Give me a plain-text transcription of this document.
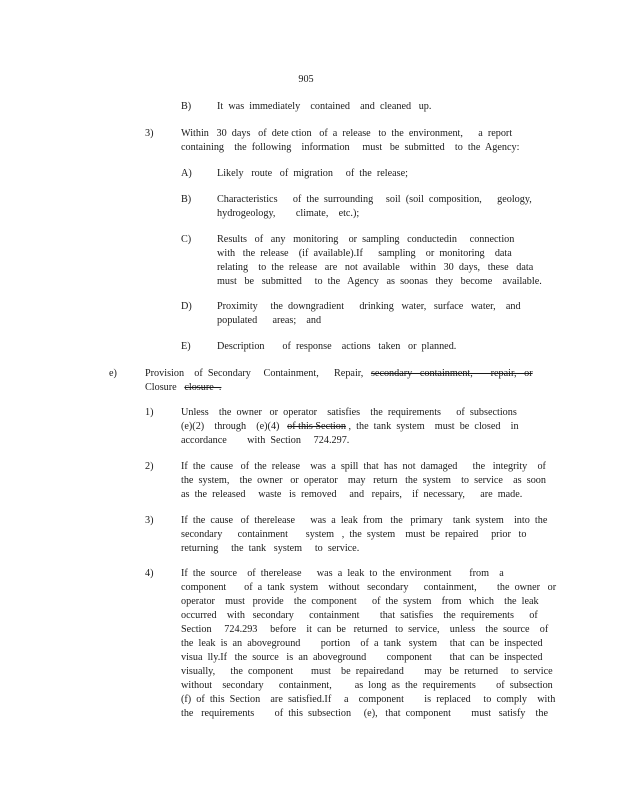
905
B)	It  was  immediately    contained    and  cleaned   up.
3)	Within   30  days   of  dete ction   of  a  release   to  the  environment,      a  report
containing    the  following    information     must   be  submitted    to  the  Agency:
A) Likely   route   of  migration     of  the  release;
B)	Characteristics      of  the  surrounding     soil  (soil  composition,      geology,
hydrogeology,        climate,    etc.);
C)	Results   of   any   monitoring    or  sampling   conductedin     connection
with   the  release    (if  available).If      sampling    or  monitoring    data
relating    to  the  release   are   not  available    within   30  days,   these   data
must   be   submitted     to  the   Agency   as  soonas   they   become    available.
D) Proximity     the  downgradient      drinking   water,   surface   water,    and
populated      areas;    and
E)	Description       of  response    actions   taken   or  planned.
e)	Provision    of  Secondary     Containment,      Repair, secondary   containment,       repair,   or
Closure closure  .
1)	Unless    the  owner   or  operator    satisfies    the  requirements      of  subsections
(e)(2)    through    (e)(4) of this Section ,  the  tank  system    must  be  closed    in
accordance        with  Section     724.297.
2)	If  the  cause   of  the  release    was  a  spill  that  has  not  damaged      the   integrity    of
the  system,    the  owner   or  operator    may   return   the  system    to  service    as  soon
as  the  released     waste   is  removed     and   repairs,    if  necessary,      are  made.
3)	If  the  cause   of  therelease      was  a  leak  from   the   primary    tank  system    into  the
secondary      containment       system   ,  the  system    must  be  repaired     prior   to
returning     the  tank   system     to  service.
4)	If  the  source    of  therelease      was  a  leak  to  the  environment       from    a
component       of  a  tank  system    without   secondary      containment,        the  owner   or
operator    must   provide    the  component      of  the  system    from   which    the  leak
occurred    with   secondary      containment        that  satisfies    the  requirements      of
Section     724.293     before    it  can  be   returned   to  service,    unless    the  source    of
the  leak  is  an  aboveground        portion    of  a  tank   system     that  can  be  inspected
visua  lly.If   the  source   is  an  aboveground        component       that  can  be  inspected
visually,      the  component       must    be  repairedand        may   be  returned     to  service
without    secondary      containment,         as  long  as  the  requirements        of  subsection
(f)  of  this  Section    are  satisfied.If     a    component        is  replaced     to  comply    with
the   requirements        of  this  subsection     (e),   that  component        must   satisfy    the
